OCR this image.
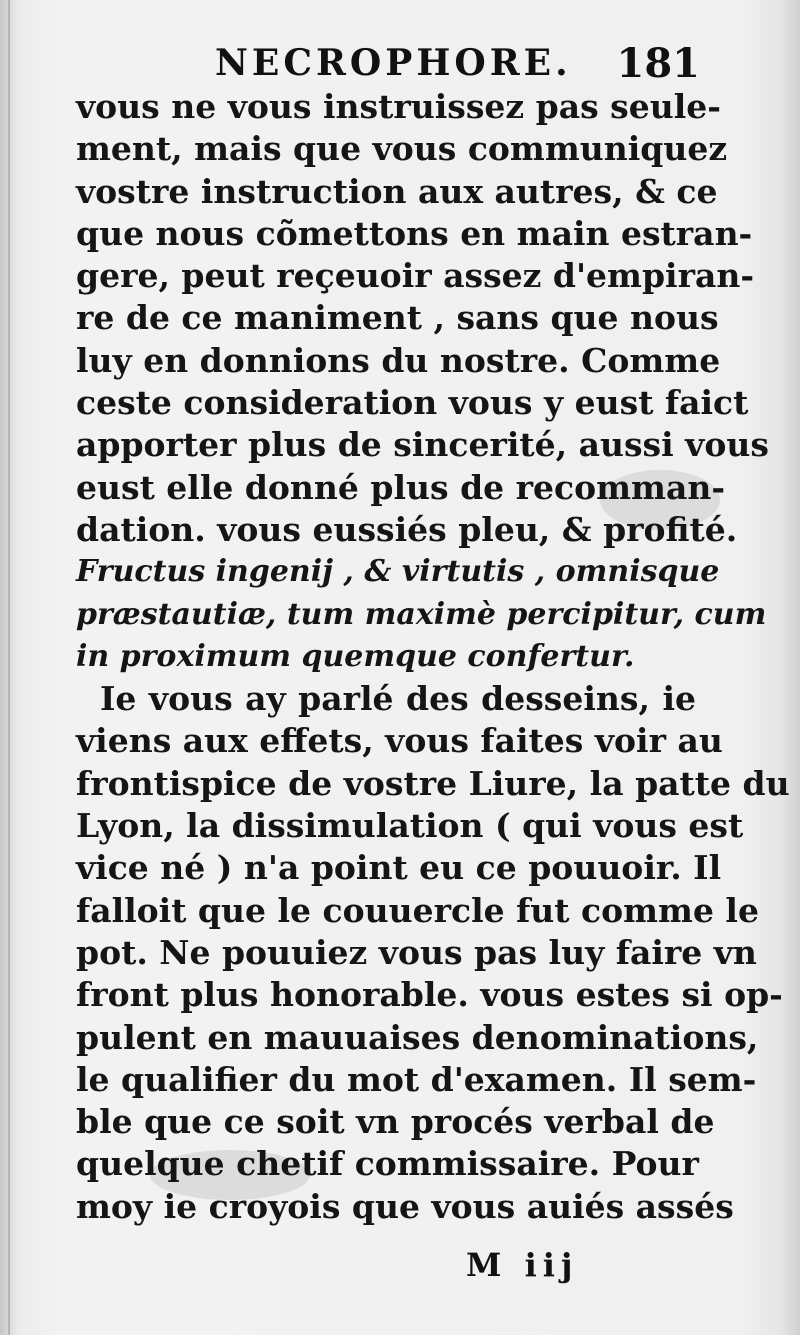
NECROPHORE. 181
vous ne vous instruissez pas seule-
ment, mais que vous communiquez
vostre instruction aux autres, & ce
que nous cõmettons en main estran-
gere, peut reçeuoir assez d'empiran-
re de ce maniment , sans que nous
luy en donnions du nostre. Comme
ceste consideration vous y eust faict
apporter plus de sincerité, aussi vous
eust elle donné plus de recomman-
dation. vous eussiés pleu, & profité.
Fructus ingenij , & virtutis , omnisque
præstautiæ, tum maximè percipitur, cum
in proximum quemque confertur.
Ie vous ay parlé des desseins, ie
viens aux effets, vous faites voir au
frontispice de vostre Liure, la patte du
Lyon, la dissimulation ( qui vous est
vice né ) n'a point eu ce pouuoir. Il
falloit que le couuercle fut comme le
pot. Ne pouuiez vous pas luy faire vn
front plus honorable. vous estes si op-
pulent en mauuaises denominations,
le qualifier du mot d'examen. Il sem-
ble que ce soit vn procés verbal de
quelque chetif commissaire. Pour
moy ie croyois que vous auiés assés
M iij
